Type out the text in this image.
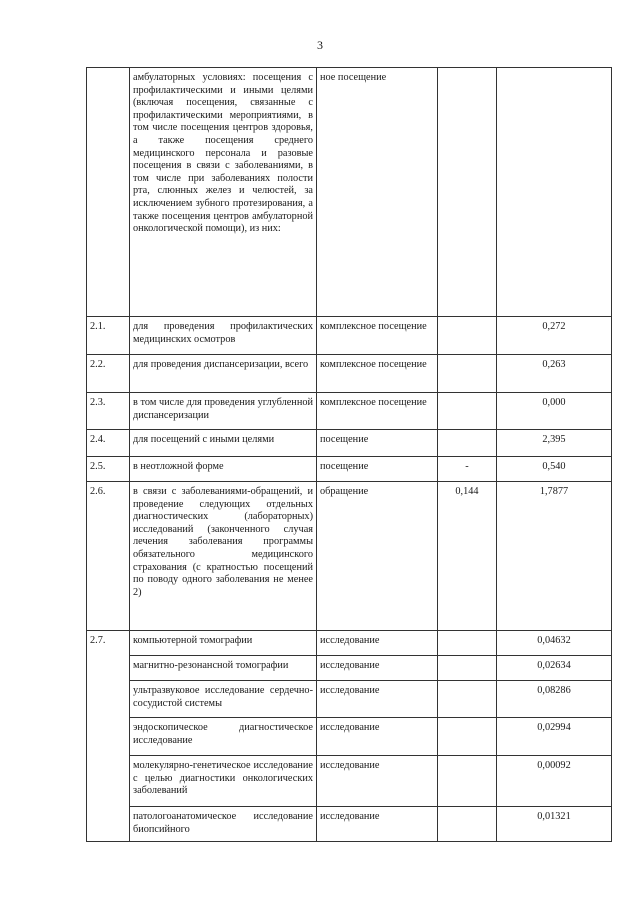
3
	амбулаторных условиях: посещения с профилактическими и иными целями (включая посещения, связанные с профилактическими мероприятиями, в том числе посещения центров здоровья, а также посещения среднего медицинского персонала и разовые посещения в связи с заболеваниями, в том числе при заболеваниях полости рта, слюнных желез и челюстей, за исключением зубного протезирования, а также посещения центров амбулаторной онкологической помощи), из них:	ное посещение		
2.1.	для проведения профилактических медицинских осмотров	комплексное посещение		0,272
2.2.	для проведения диспансеризации, всего	комплексное посещение		0,263
2.3.	в том числе для проведения углубленной диспансеризации	комплексное посещение		0,000
2.4.	для посещений с иными целями	посещение		2,395
2.5.	в неотложной форме	посещение	-	0,540
2.6.	в связи с заболеваниями-обращений, и проведение следующих отдельных диагностических (лабораторных) исследований (законченного случая лечения заболевания программы обязательного медицинского страхования (с кратностью посещений по поводу одного заболевания не менее 2)	обращение	0,144	1,7877
2.7.	компьютерной томографии	исследование		0,04632
	магнитно-резонансной томографии	исследование		0,02634
	ультразвуковое исследование сердечно-сосудистой системы	исследование		0,08286
	эндоскопическое диагностическое исследование	исследование		0,02994
	молекулярно-генетическое исследование с целью диагностики онкологических заболеваний	исследование		0,00092
	патологоанатомическое исследование биопсийного	исследование		0,01321
